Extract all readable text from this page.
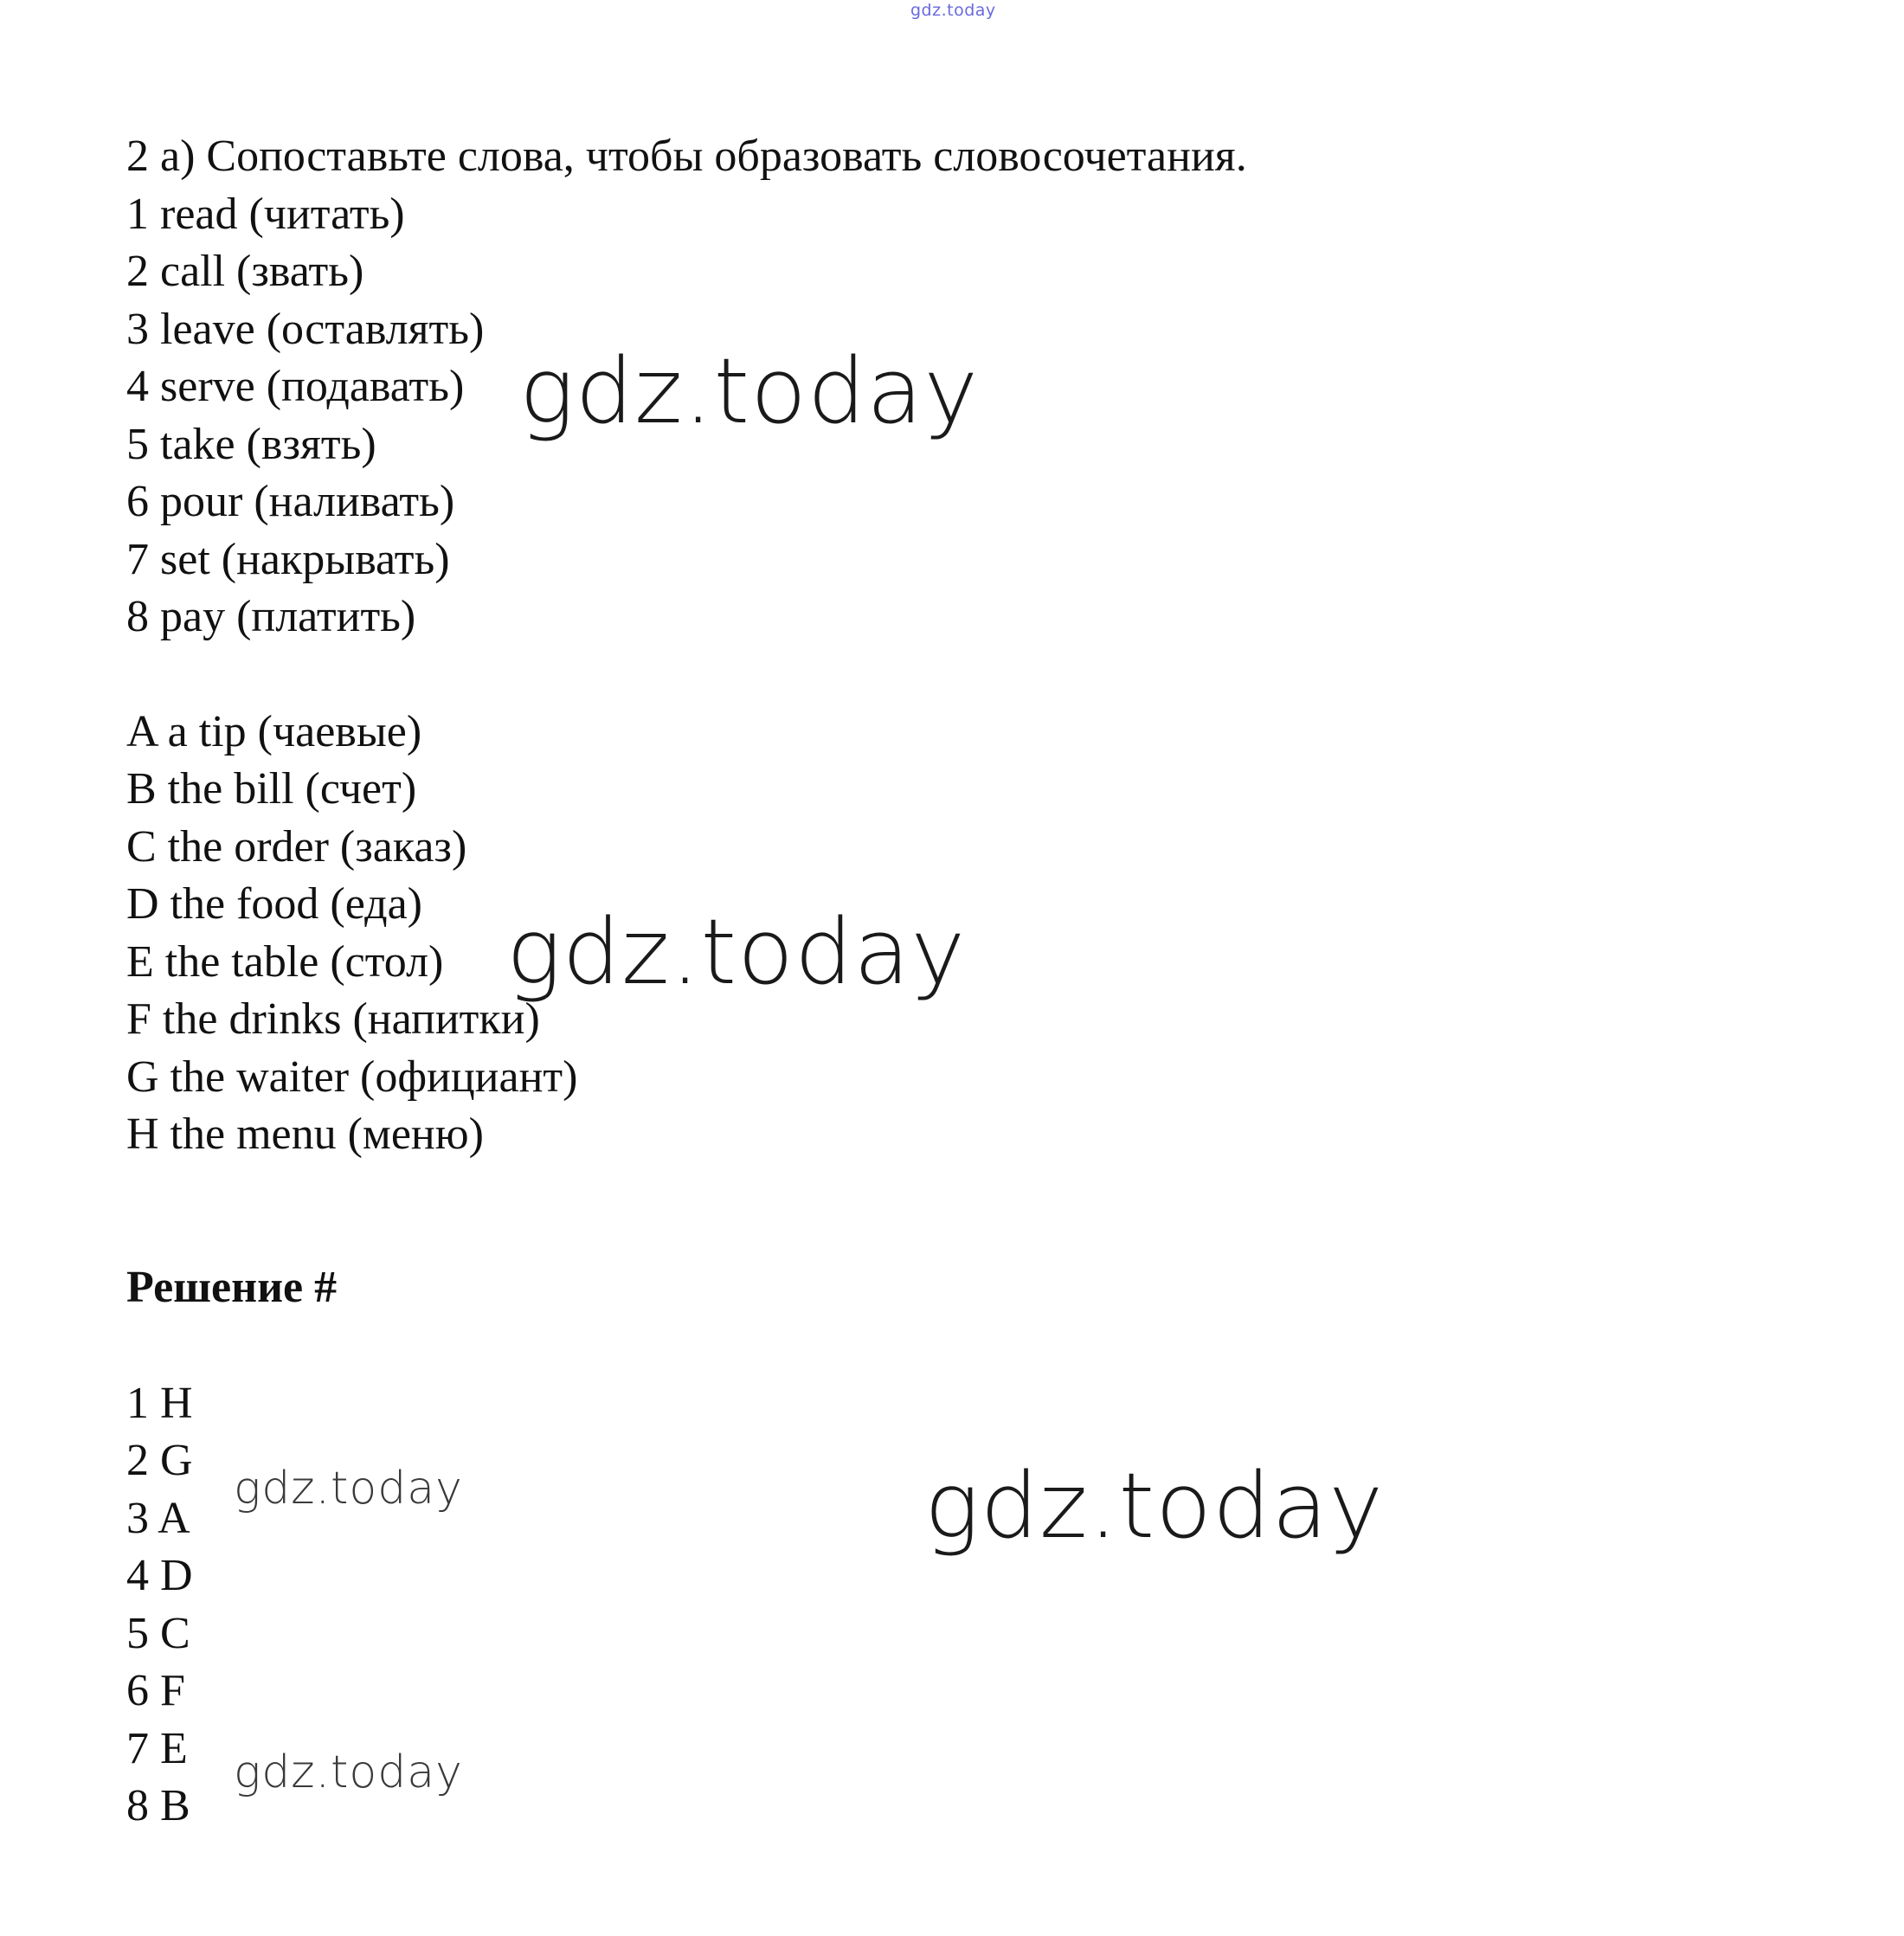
gdz.today
2 a) Сопоставьте слова, чтобы образовать словосочетания.
1 read (читать)
2 call (звать)
3 leave (оставлять)
4 serve (подавать)
5 take (взять)
6 pour (наливать)
7 set (накрывать)
8 pay (платить)
A a tip (чаевые)
B the bill (счет)
C the order (заказ)
D the food (еда)
E the table (стол)
F the drinks (напитки)
G the waiter (официант)
H the menu (меню)
Решение #
1 H
2 G
3 A
4 D
5 C
6 F
7 E
8 B
gdz.today
gdz.today
gdz.today
gdz.today
gdz.today
